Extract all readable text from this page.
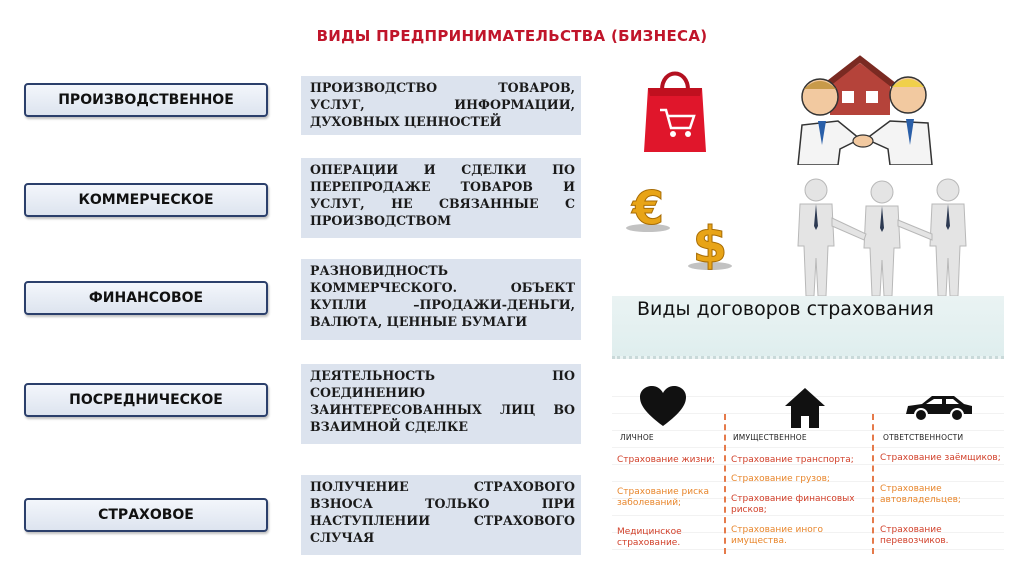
ВИДЫ ПРЕДПРИНИМАТЕЛЬСТВА (БИЗНЕСА)
ПРОИЗВОДСТВЕННОЕ
КОММЕРЧЕСКОЕ
ФИНАНСОВОЕ
ПОСРЕДНИЧЕСКОЕ
СТРАХОВОЕ
ПРОИЗВОДСТВО ТОВАРОВ, УСЛУГ, ИНФОРМАЦИИ, ДУХОВНЫХ ЦЕННОСТЕЙ
ОПЕРАЦИИ И СДЕЛКИ ПО ПЕРЕПРОДАЖЕ ТОВАРОВ И УСЛУГ, НЕ СВЯЗАННЫЕ С ПРОИЗВОДСТВОМ
РАЗНОВИДНОСТЬ КОММЕРЧЕСКОГО. ОБЪЕКТ КУПЛИ –ПРОДАЖИ-ДЕНЬГИ, ВАЛЮТА, ЦЕННЫЕ БУМАГИ
ДЕЯТЕЛЬНОСТЬ ПО СОЕДИНЕНИЮ ЗАИНТЕРЕСОВАННЫХ ЛИЦ ВО ВЗАИМНОЙ СДЕЛКЕ
ПОЛУЧЕНИЕ СТРАХОВОГО ВЗНОСА ТОЛЬКО ПРИ НАСТУПЛЕНИИ СТРАХОВОГО СЛУЧАЯ
€
$
Виды договоров страхования
ЛИЧНОЕ	ИМУЩЕСТВЕННОЕ	ОТВЕТСТВЕННОСТИ
Страхование жизни;
Страхование риска заболеваний;
Медицинское страхование.
Страхование транспорта;
Страхование грузов;
Страхование финансовых рисков;
Страхование иного имущества.
Страхование заёмщиков;
Страхование автовладельцев;
Страхование перевозчиков.
